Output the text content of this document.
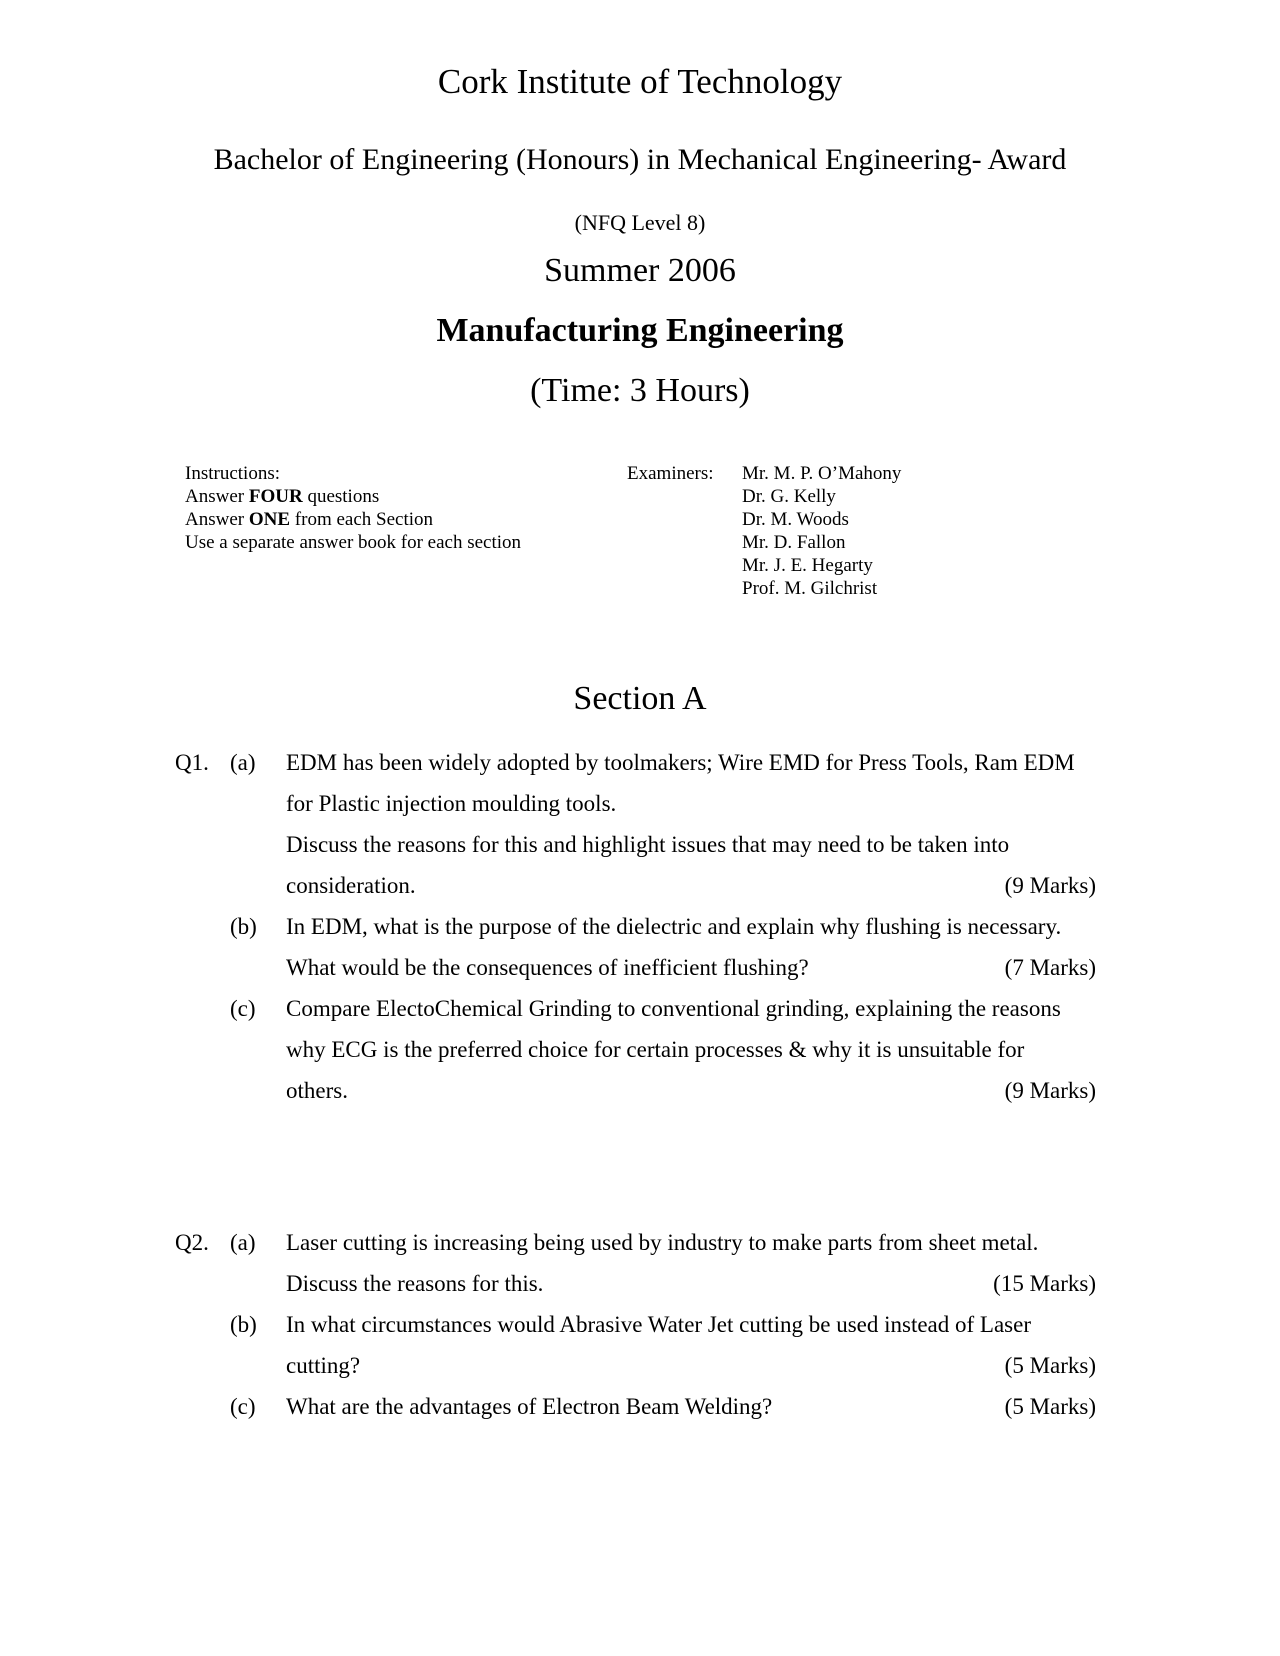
Cork Institute of Technology
Bachelor of Engineering (Honours) in Mechanical Engineering- Award
(NFQ Level 8)
Summer 2006
Manufacturing Engineering
(Time: 3 Hours)
Instructions:
Answer FOUR questions
Answer ONE from each Section
Use a separate answer book for each section
Examiners: Mr. M. P. O’Mahony
Dr. G. Kelly
Dr. M. Woods
Mr. D. Fallon
Mr. J. E. Hegarty
Prof. M. Gilchrist
Section A
Q1. (a) EDM has been widely adopted by toolmakers; Wire EMD for Press Tools, Ram EDM
for Plastic injection moulding tools.
Discuss the reasons for this and highlight issues that may need to be taken into
consideration.	(9 Marks)
(b) In EDM, what is the purpose of the dielectric and explain why flushing is necessary.
What would be the consequences of inefficient flushing?	(7 Marks)
(c) Compare ElectoChemical Grinding to conventional grinding, explaining the reasons
why ECG is the preferred choice for certain processes & why it is unsuitable for
others.	(9 Marks)
Q2. (a) Laser cutting is increasing being used by industry to make parts from sheet metal.
Discuss the reasons for this.	(15 Marks)
(b) In what circumstances would Abrasive Water Jet cutting be used instead of Laser
cutting?	(5 Marks)
(c) What are the advantages of Electron Beam Welding?	(5 Marks)
